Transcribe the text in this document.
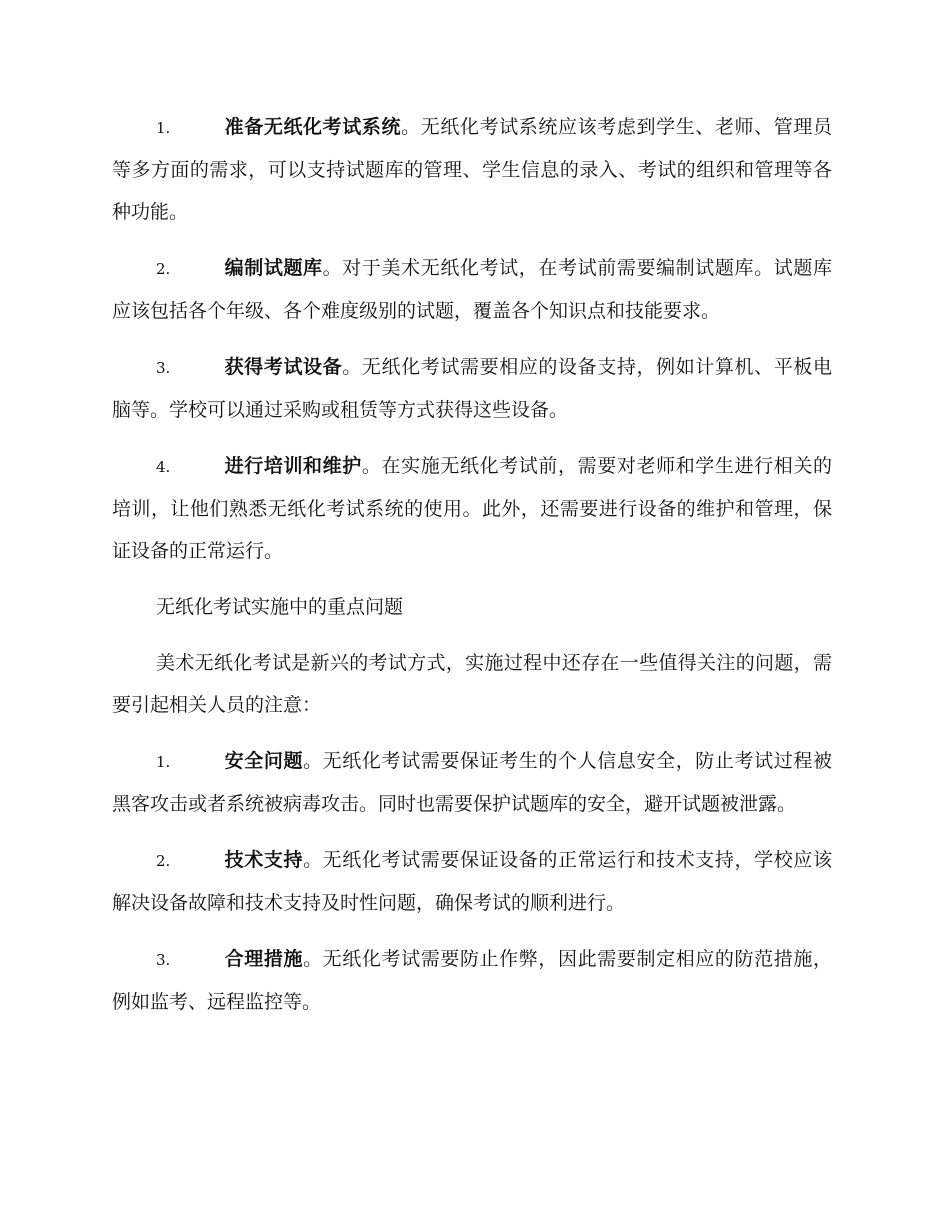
1.	准备无纸化考试系统。无纸化考试系统应该考虑到学生、老师、管理员等多方面的需求，可以支持试题库的管理、学生信息的录入、考试的组织和管理等各种功能。

2.	编制试题库。对于美术无纸化考试，在考试前需要编制试题库。试题库应该包括各个年级、各个难度级别的试题，覆盖各个知识点和技能要求。

3.	获得考试设备。无纸化考试需要相应的设备支持，例如计算机、平板电脑等。学校可以通过采购或租赁等方式获得这些设备。

4.	进行培训和维护。在实施无纸化考试前，需要对老师和学生进行相关的培训，让他们熟悉无纸化考试系统的使用。此外，还需要进行设备的维护和管理，保证设备的正常运行。

无纸化考试实施中的重点问题

美术无纸化考试是新兴的考试方式，实施过程中还存在一些值得关注的问题，需要引起相关人员的注意：

1.	安全问题。无纸化考试需要保证考生的个人信息安全，防止考试过程被黑客攻击或者系统被病毒攻击。同时也需要保护试题库的安全，避开试题被泄露。

2.	技术支持。无纸化考试需要保证设备的正常运行和技术支持，学校应该解决设备故障和技术支持及时性问题，确保考试的顺利进行。

3.	合理措施。无纸化考试需要防止作弊，因此需要制定相应的防范措施，例如监考、远程监控等。
